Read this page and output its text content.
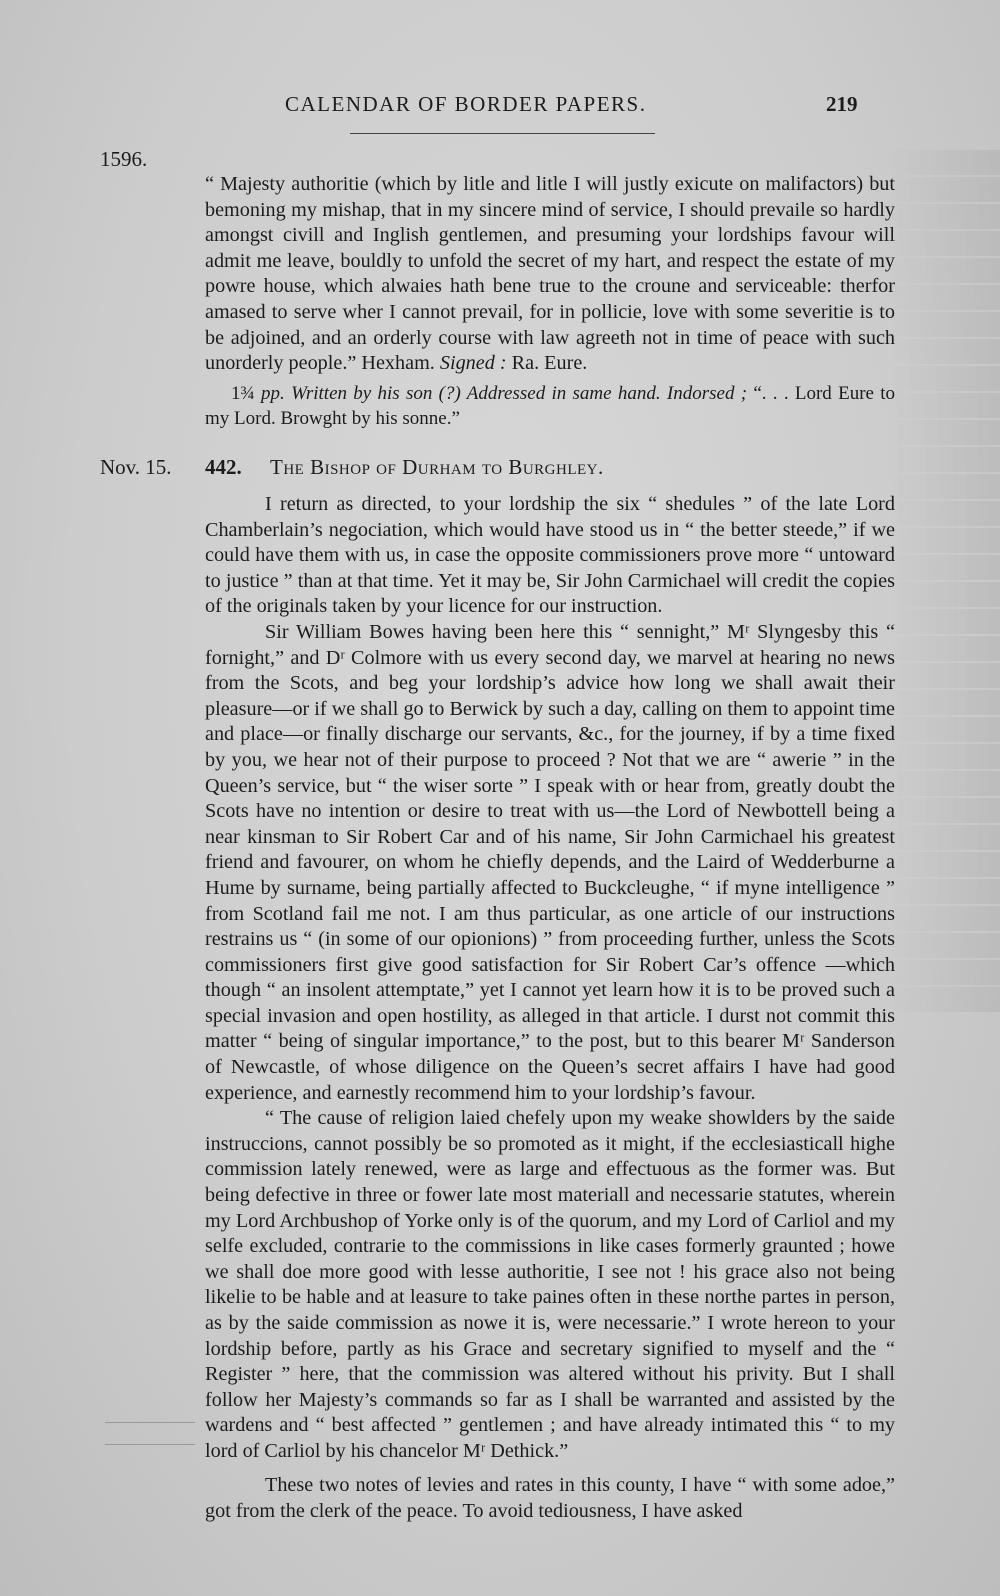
CALENDAR OF BORDER PAPERS.	219
1596.

“ Majesty authoritie (which by litle and litle I will justly exicute on malifactors) but bemoning my mishap, that in my sincere mind of service, I should prevaile so hardly amongst civill and Inglish gentlemen, and presuming your lordships favour will admit me leave, bouldly to unfold the secret of my hart, and respect the estate of my powre house, which alwaies hath bene true to the croune and serviceable: therfor amased to serve wher I cannot prevail, for in pollicie, love with some severitie is to be adjoined, and an orderly course with law agreeth not in time of peace with such unorderly people.” Hexham. Signed : Ra. Eure.

1¾ pp. Written by his son (?) Addressed in same hand. Indorsed ; “. . . Lord Eure to my Lord. Browght by his sonne.”

Nov. 15. 442. The Bishop of Durham to Burghley.

I return as directed, to your lordship the six “ shedules ” of the late Lord Chamberlain’s negociation, which would have stood us in “ the better steede,” if we could have them with us, in case the opposite commissioners prove more “ untoward to justice ” than at that time. Yet it may be, Sir John Carmichael will credit the copies of the originals taken by your licence for our instruction.

Sir William Bowes having been here this “ sennight,” Mʳ Slyngesby this “ fornight,” and Dʳ Colmore with us every second day, we marvel at hearing no news from the Scots, and beg your lordship’s advice how long we shall await their pleasure—or if we shall go to Berwick by such a day, calling on them to appoint time and place—or finally discharge our servants, &c., for the journey, if by a time fixed by you, we hear not of their purpose to proceed ? Not that we are “ awerie ” in the Queen’s service, but “ the wiser sorte ” I speak with or hear from, greatly doubt the Scots have no intention or desire to treat with us—the Lord of Newbottell being a near kinsman to Sir Robert Car and of his name, Sir John Carmichael his greatest friend and favourer, on whom he chiefly depends, and the Laird of Wedderburne a Hume by surname, being partially affected to Buckcleughe, “ if myne intelligence ” from Scotland fail me not. I am thus particular, as one article of our instructions restrains us “ (in some of our opionions) ” from proceeding further, unless the Scots commissioners first give good satisfaction for Sir Robert Car’s offence —which though “ an insolent attemptate,” yet I cannot yet learn how it is to be proved such a special invasion and open hostility, as alleged in that article. I durst not commit this matter “ being of singular importance,” to the post, but to this bearer Mʳ Sanderson of Newcastle, of whose diligence on the Queen’s secret affairs I have had good experience, and earnestly recommend him to your lordship’s favour.

“ The cause of religion laied chefely upon my weake showlders by the saide instruccions, cannot possibly be so promoted as it might, if the ecclesiasticall highe commission lately renewed, were as large and effectuous as the former was. But being defective in three or fower late most materiall and necessarie statutes, wherein my Lord Archbushop of Yorke only is of the quorum, and my Lord of Carliol and my selfe excluded, contrarie to the commissions in like cases formerly graunted ; howe we shall doe more good with lesse authoritie, I see not ! his grace also not being likelie to be hable and at leasure to take paines often in these northe partes in person, as by the saide commission as nowe it is, were necessarie.” I wrote hereon to your lordship before, partly as his Grace and secretary signified to myself and the “ Register ” here, that the commission was altered without his privity. But I shall follow her Majesty’s commands so far as I shall be warranted and assisted by the wardens and “ best affected ” gentlemen ; and have already intimated this “ to my lord of Carliol by his chancelor Mʳ Dethick.”

These two notes of levies and rates in this county, I have “ with some adoe,” got from the clerk of the peace. To avoid tediousness, I have asked
